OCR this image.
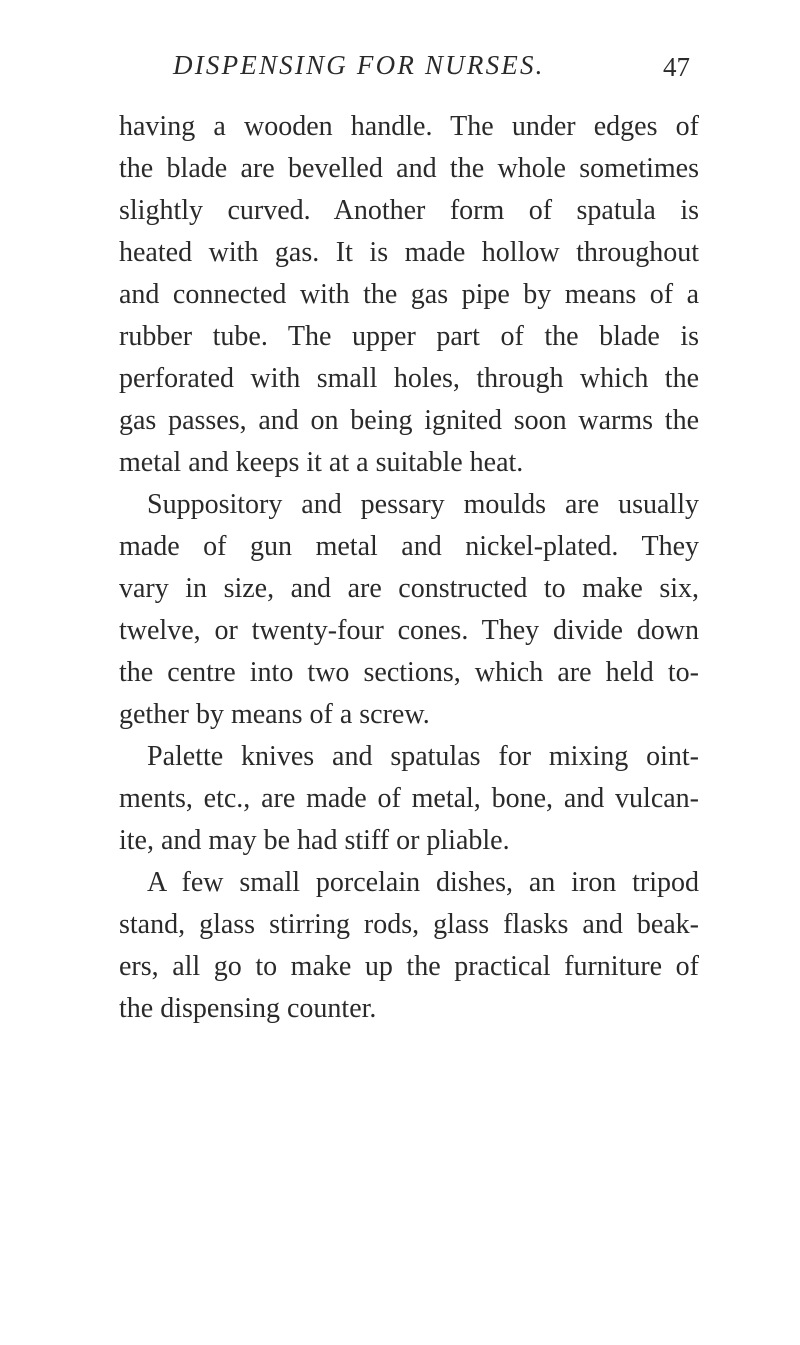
DISPENSING FOR NURSES.	47
having a wooden handle. The under edges of
the blade are bevelled and the whole sometimes
slightly curved. Another form of spatula is
heated with gas. It is made hollow throughout
and connected with the gas pipe by means of a
rubber tube. The upper part of the blade is
perforated with small holes, through which the
gas passes, and on being ignited soon warms the
metal and keeps it at a suitable heat.
Suppository and pessary moulds are usually
made of gun metal and nickel-plated. They
vary in size, and are constructed to make six,
twelve, or twenty-four cones. They divide down
the centre into two sections, which are held to-
gether by means of a screw.
Palette knives and spatulas for mixing oint-
ments, etc., are made of metal, bone, and vulcan-
ite, and may be had stiff or pliable.
A few small porcelain dishes, an iron tripod
stand, glass stirring rods, glass flasks and beak-
ers, all go to make up the practical furniture of
the dispensing counter.
